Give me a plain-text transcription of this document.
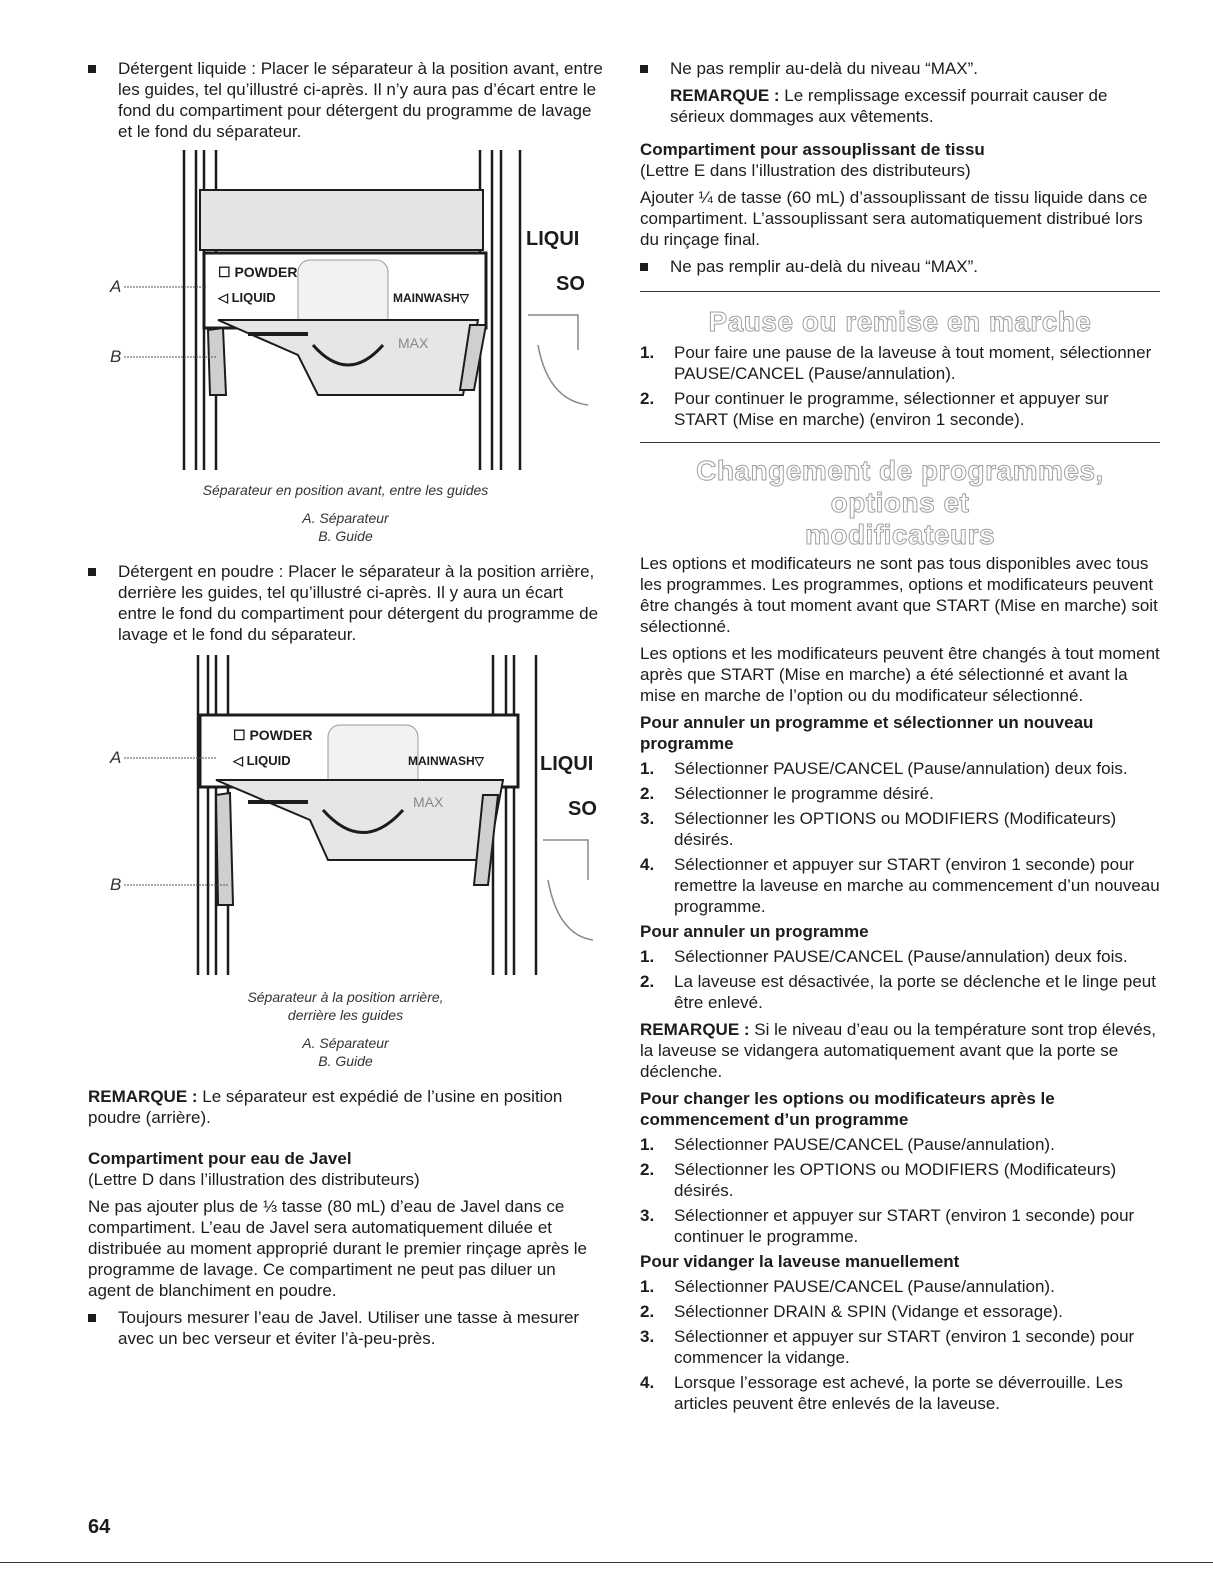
Détergent liquide : Placer le séparateur à la position avant, entre les guides, tel qu’illustré ci-après. Il n’y aura pas d’écart entre le fond du compartiment pour détergent du programme de lavage et le fond du séparateur.
☐ POWDER
◁ LIQUID	MAINWASH▽
MAX
LIQUI
SO
A
B
Séparateur en position avant, entre les guides
A. Séparateur
B. Guide
Détergent en poudre : Placer le séparateur à la position arrière, derrière les guides, tel qu’illustré ci-après. Il y aura un écart entre le fond du compartiment pour détergent du programme de lavage et le fond du séparateur.
☐ POWDER
◁ LIQUID	MAINWASH▽
MAX
LIQUI
SO
A
B
Séparateur à la position arrière,
derrière les guides
A. Séparateur
B. Guide

REMARQUE : Le séparateur est expédié de l’usine en position poudre (arrière).

Compartiment pour eau de Javel

(Lettre D dans l’illustration des distributeurs)

Ne pas ajouter plus de ⅓ tasse (80 mL) d’eau de Javel dans ce compartiment. L’eau de Javel sera automatiquement diluée et distribuée au moment approprié durant le premier rinçage après le programme de lavage. Ce compartiment ne peut pas diluer un agent de blanchiment en poudre.

Toujours mesurer l’eau de Javel. Utiliser une tasse à mesurer avec un bec verseur et éviter l’à-peu-près.
Ne pas remplir au-delà du niveau “MAX”.

REMARQUE : Le remplissage excessif pourrait causer de sérieux dommages aux vêtements.

Compartiment pour assouplissant de tissu

(Lettre E dans l’illustration des distributeurs)

Ajouter ¼ de tasse (60 mL) d’assouplissant de tissu liquide dans ce compartiment. L’assouplissant sera automatiquement distribué lors du rinçage final.

Ne pas remplir au-delà du niveau “MAX”.
Pause ou remise en marche
1. Pour faire une pause de la laveuse à tout moment, sélectionner PAUSE/CANCEL (Pause/annulation).
2. Pour continuer le programme, sélectionner et appuyer sur START (Mise en marche) (environ 1 seconde).
Changement de programmes, options et
modificateurs

Les options et modificateurs ne sont pas tous disponibles avec tous les programmes. Les programmes, options et modificateurs peuvent être changés à tout moment avant que START (Mise en marche) soit sélectionné.

Les options et les modificateurs peuvent être changés à tout moment après que START (Mise en marche) a été sélectionné et avant la mise en marche de l’option ou du modificateur sélectionné.

Pour annuler un programme et sélectionner un nouveau programme
1. Sélectionner PAUSE/CANCEL (Pause/annulation) deux fois.
2. Sélectionner le programme désiré.
3. Sélectionner les OPTIONS ou MODIFIERS (Modificateurs) désirés.
4. Sélectionner et appuyer sur START (environ 1 seconde) pour remettre la laveuse en marche au commencement d’un nouveau programme.
Pour annuler un programme
1. Sélectionner PAUSE/CANCEL (Pause/annulation) deux fois.
2. La laveuse est désactivée, la porte se déclenche et le linge peut être enlevé.

REMARQUE : Si le niveau d’eau ou la température sont trop élevés, la laveuse se vidangera automatiquement avant que la porte se déclenche.

Pour changer les options ou modificateurs après le commencement d’un programme
1. Sélectionner PAUSE/CANCEL (Pause/annulation).
2. Sélectionner les OPTIONS ou MODIFIERS (Modificateurs) désirés.
3. Sélectionner et appuyer sur START (environ 1 seconde) pour continuer le programme.
Pour vidanger la laveuse manuellement
1. Sélectionner PAUSE/CANCEL (Pause/annulation).
2. Sélectionner DRAIN & SPIN (Vidange et essorage).
3. Sélectionner et appuyer sur START (environ 1 seconde) pour commencer la vidange.
4. Lorsque l’essorage est achevé, la porte se déverrouille. Les articles peuvent être enlevés de la laveuse.
64
